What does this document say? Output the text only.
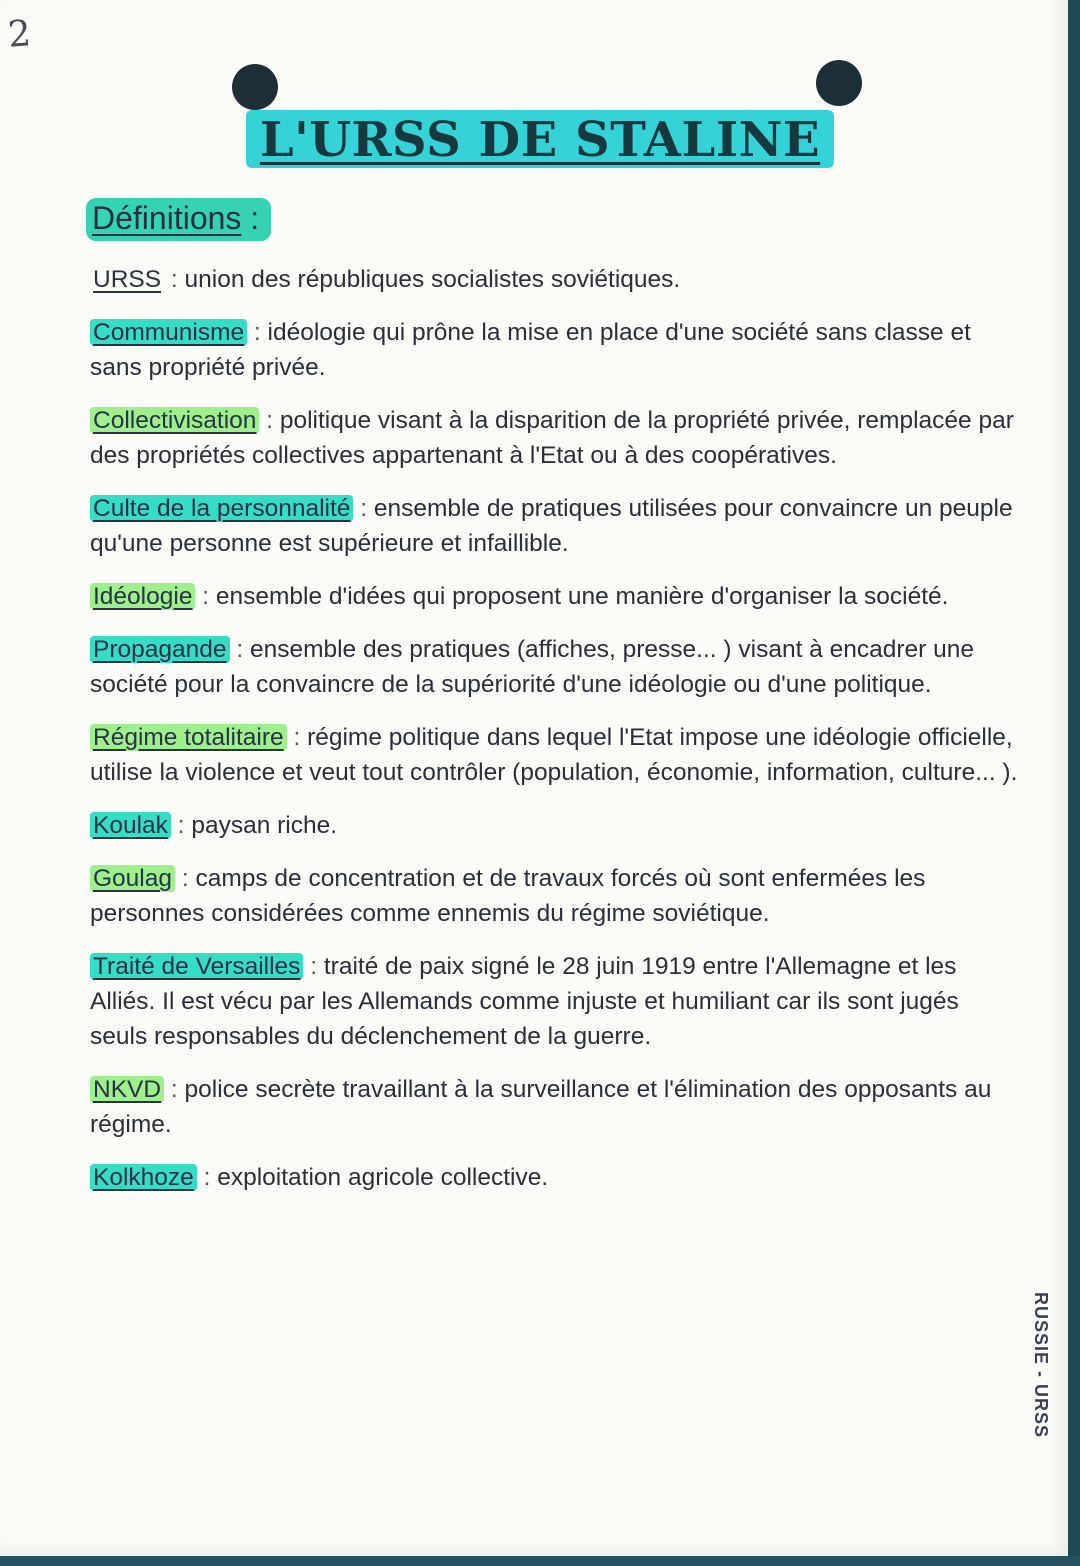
2
L'URSS DE STALINE
Définitions :
URSS : union des républiques socialistes soviétiques.
Communisme : idéologie qui prône la mise en place d'une société sans classe et sans propriété privée.
Collectivisation : politique visant à la disparition de la propriété privée, remplacée par des propriétés collectives appartenant à l'Etat ou à des coopératives.
Culte de la personnalité : ensemble de pratiques utilisées pour convaincre un peuple qu'une personne est supérieure et infaillible.
Idéologie : ensemble d'idées qui proposent une manière d'organiser la société.
Propagande : ensemble des pratiques (affiches, presse... ) visant à encadrer une société pour la convaincre de la supériorité d'une idéologie ou d'une politique.
Régime totalitaire : régime politique dans lequel l'Etat impose une idéologie officielle, utilise la violence et veut tout contrôler (population, économie, information, culture... ).
Koulak : paysan riche.
Goulag : camps de concentration et de travaux forcés où sont enfermées les personnes considérées comme ennemis du régime soviétique.
Traité de Versailles : traité de paix signé le 28 juin 1919 entre l'Allemagne et les Alliés. Il est vécu par les Allemands comme injuste et humiliant car ils sont jugés seuls responsables du déclenchement de la guerre.
NKVD : police secrète travaillant à la surveillance et l'élimination des opposants au régime.
Kolkhoze : exploitation agricole collective.
RUSSIE - URSS
